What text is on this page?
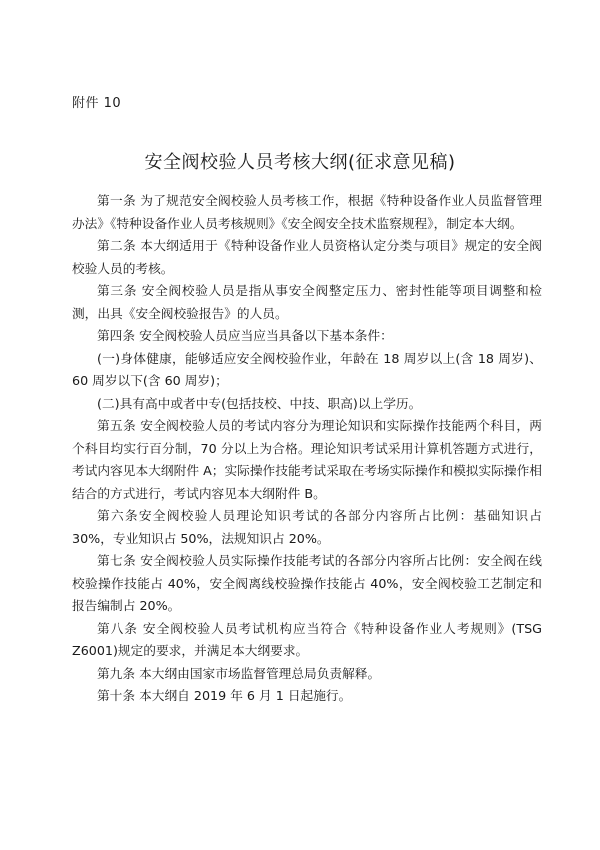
附件 10
安全阀校验人员考核大纲(征求意见稿)

第一条 为了规范安全阀校验人员考核工作，根据《特种设备作业人员监督管理办法》《特种设备作业人员考核规则》《安全阀安全技术监察规程》，制定本大纲。

第二条 本大纲适用于《特种设备作业人员资格认定分类与项目》规定的安全阀校验人员的考核。

第三条 安全阀校验人员是指从事安全阀整定压力、密封性能等项目调整和检测，出具《安全阀校验报告》的人员。

第四条 安全阀校验人员应当应当具备以下基本条件：

(一)身体健康，能够适应安全阀校验作业，年龄在 18 周岁以上(含 18 周岁)、60 周岁以下(含 60 周岁)；

(二)具有高中或者中专(包括技校、中技、职高)以上学历。

第五条 安全阀校验人员的考试内容分为理论知识和实际操作技能两个科目，两个科目均实行百分制，70 分以上为合格。理论知识考试采用计算机答题方式进行，考试内容见本大纲附件 A；实际操作技能考试采取在考场实际操作和模拟实际操作相结合的方式进行，考试内容见本大纲附件 B。

第六条安全阀校验人员理论知识考试的各部分内容所占比例：基础知识占 30%，专业知识占 50%，法规知识占 20%。

第七条 安全阀校验人员实际操作技能考试的各部分内容所占比例：安全阀在线校验操作技能占 40%，安全阀离线校验操作技能占 40%，安全阀校验工艺制定和报告编制占 20%。

第八条 安全阀校验人员考试机构应当符合《特种设备作业人考规则》(TSG Z6001)规定的要求，并满足本大纲要求。

第九条 本大纲由国家市场监督管理总局负责解释。

第十条 本大纲自 2019 年 6 月 1 日起施行。
